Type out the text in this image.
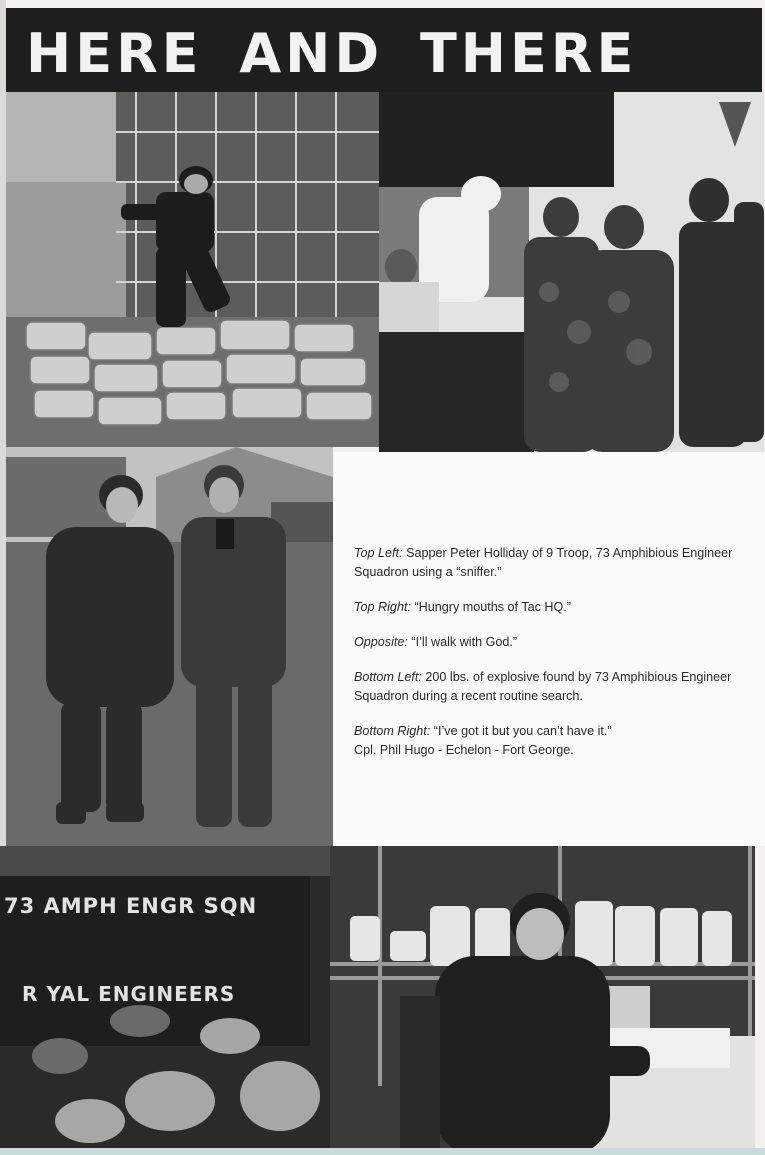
HERE AND THERE

Top Left: Sapper Peter Holliday of 9 Troop, 73 Amphibious Engineer Squadron using a “sniffer.”

Top Right: “Hungry mouths of Tac HQ.”

Opposite: “I’ll walk with God.”

Bottom Left: 200 lbs. of explosive found by 73 Amphibious Engineer Squadron during a recent routine search.

Bottom Right: “I’ve got it but you can’t have it.”
Cpl. Phil Hugo - Echelon - Fort George.

73 AMPH ENGR SQN
R YAL ENGINEERS
